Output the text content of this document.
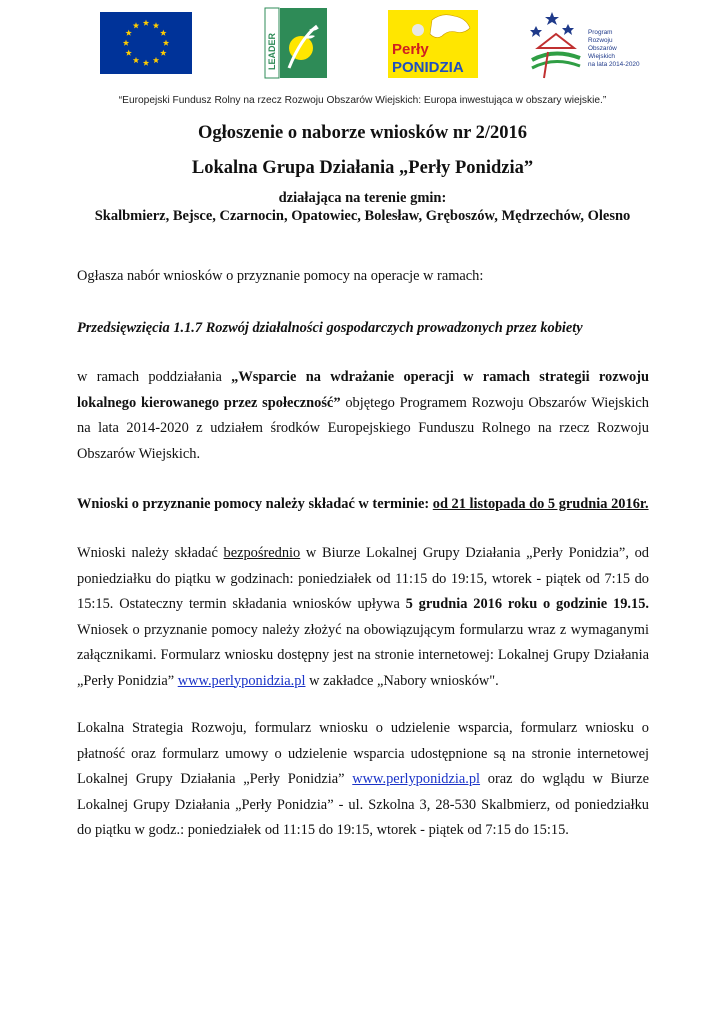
LEADER	Perły
PONIDZIA
Program
Rozwoju
Obszarów
Wiejskich
na lata 2014-2020
“Europejski Fundusz Rolny na rzecz Rozwoju Obszarów Wiejskich: Europa inwestująca w obszary wiejskie.”
Ogłoszenie o naborze wniosków nr 2/2016
Lokalna Grupa Działania „Perły Ponidzia”
działająca na terenie gmin:
Skalbmierz, Bejsce, Czarnocin, Opatowiec, Bolesław, Gręboszów, Mędrzechów, Olesno
Ogłasza nabór wniosków o przyznanie pomocy na operacje w ramach:
Przedsięwzięcia 1.1.7 Rozwój działalności gospodarczych prowadzonych przez kobiety
w ramach poddziałania „Wsparcie na wdrażanie operacji w ramach strategii rozwoju lokalnego kierowanego przez społeczność” objętego Programem Rozwoju Obszarów Wiejskich na lata 2014-2020 z udziałem środków Europejskiego Funduszu Rolnego na rzecz Rozwoju Obszarów Wiejskich.
Wnioski o przyznanie pomocy należy składać w terminie: od 21 listopada do 5 grudnia 2016r.
Wnioski należy składać bezpośrednio w Biurze Lokalnej Grupy Działania „Perły Ponidzia”, od poniedziałku do piątku w godzinach: poniedziałek od 11:15 do 19:15, wtorek - piątek od 7:15 do 15:15. Ostateczny termin składania wniosków upływa 5 grudnia 2016 roku o godzinie 19.15. Wniosek o przyznanie pomocy należy złożyć na obowiązującym formularzu wraz z wymaganymi załącznikami. Formularz wniosku dostępny jest na stronie internetowej: Lokalnej Grupy Działania „Perły Ponidzia” www.perlyponidzia.pl w zakładce „Nabory wniosków".
Lokalna Strategia Rozwoju, formularz wniosku o udzielenie wsparcia, formularz wniosku o płatność oraz formularz umowy o udzielenie wsparcia udostępnione są na stronie internetowej Lokalnej Grupy Działania „Perły Ponidzia” www.perlyponidzia.pl oraz do wglądu w Biurze Lokalnej Grupy Działania „Perły Ponidzia” - ul. Szkolna 3, 28-530 Skalbmierz, od poniedziałku do piątku w godz.: poniedziałek od 11:15 do 19:15, wtorek - piątek od 7:15 do 15:15.
